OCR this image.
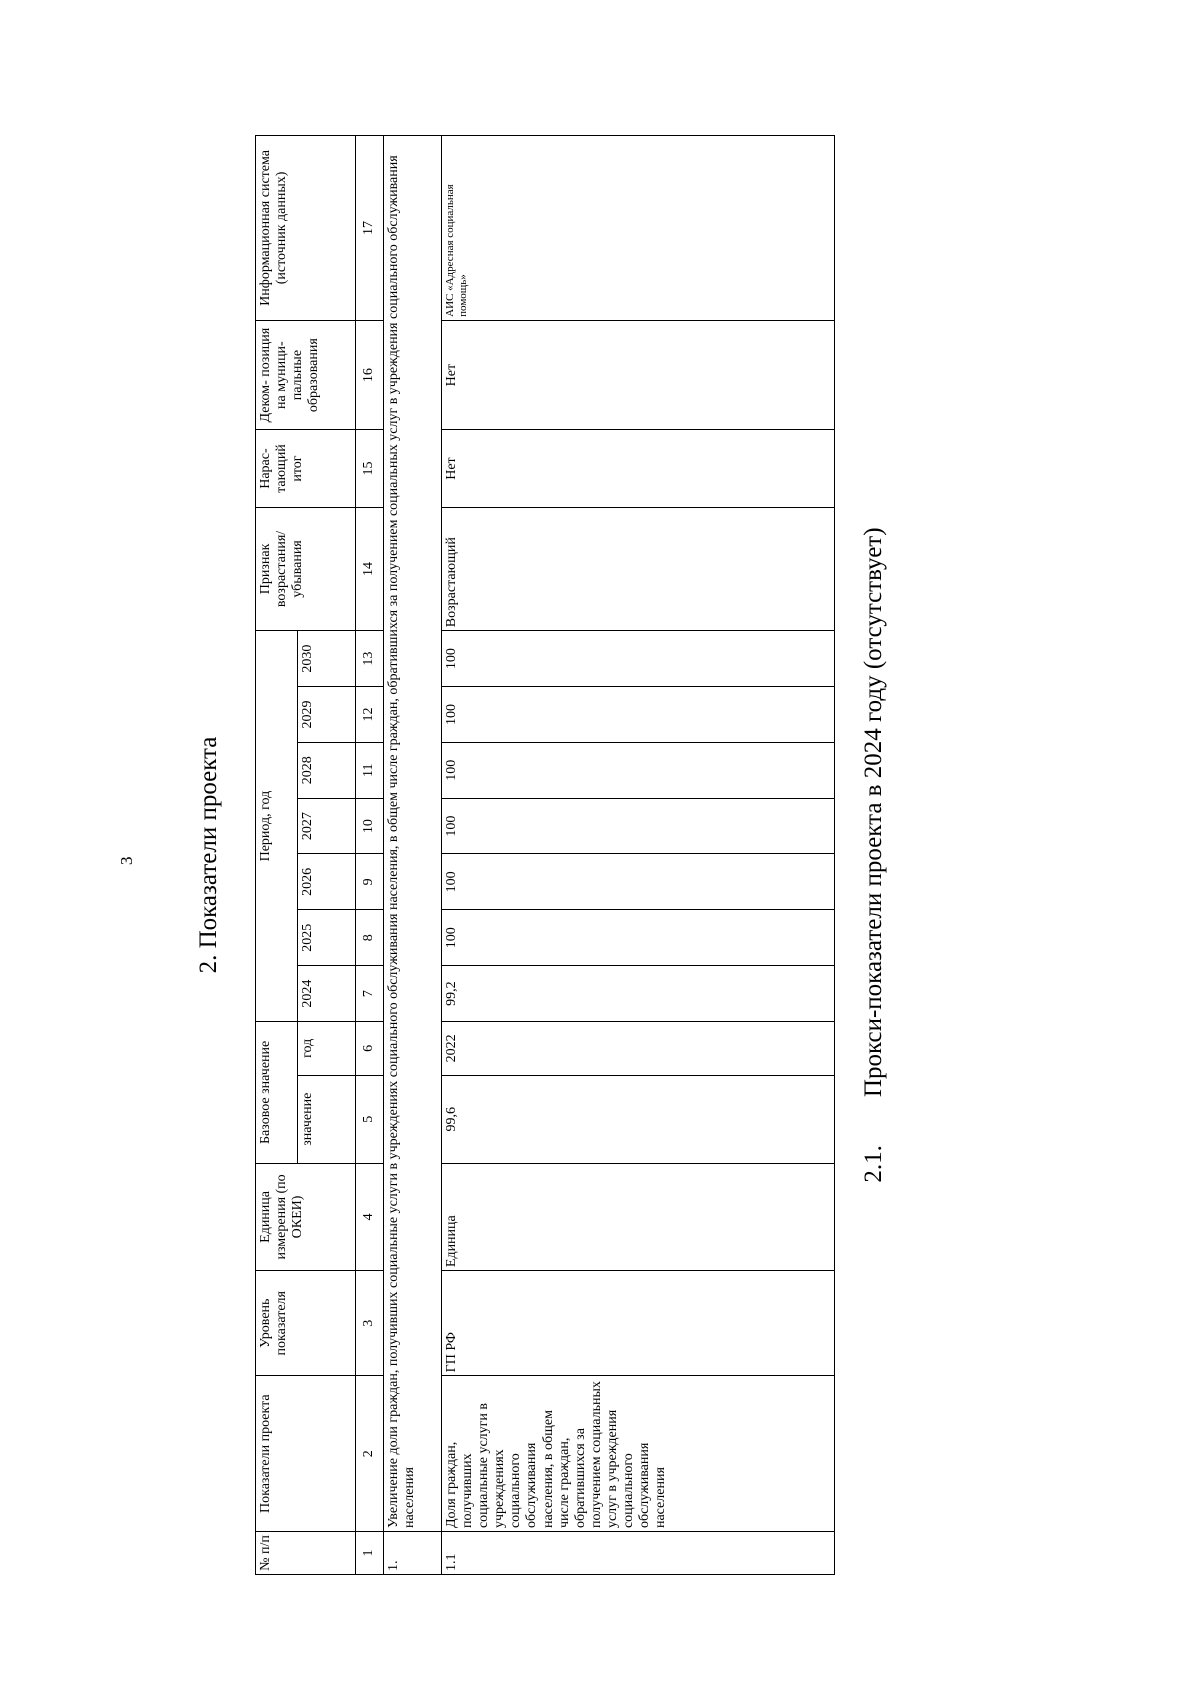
3 2. Показатели проекта
№ п/п	Показатели проекта	Уровень показателя	Единица измерения (по ОКЕИ)	Базовое значение		Период, год							Признак возрастания/ убывания	Нарас- тающий итог	Деком- позиция на муници- пальные образования	Информационная система (источник данных)
				значение	год	2024	2025	2026	2027	2028	2029	2030				
1	2	3	4	5	6	7	8	9	10	11	12	13	14	15	16	17
1.	Увеличение доли граждан, получивших социальные услуги в учреждениях социального обслуживания населения, в общем числе граждан, обратившихся за получением социальных услуг в учреждения социального обслуживания населения															
1.1	Доля граждан, получивших социальные услуги в учреждениях социального обслуживания населения, в общем числе граждан, обратившихся за получением социальных услуг в учреждения социального обслуживания населения	ГП РФ	Единица	99,6	2022	99,2	100	100	100	100	100	100	Возрастающий	Нет	Нет	АИС «Адресная социальная помощь»
2.1.Прокси-показатели проекта в 2024 году (отсутствует)
